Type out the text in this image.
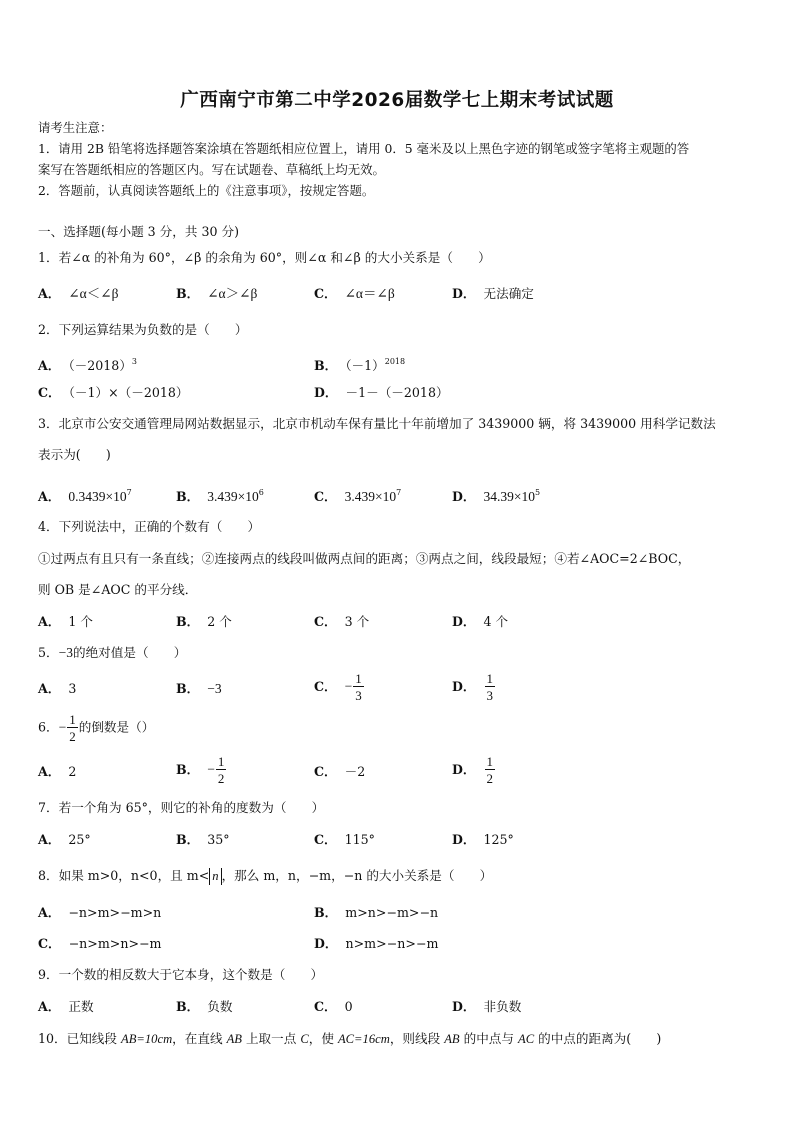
广西南宁市第二中学2026届数学七上期末考试试题
请考生注意：
1．请用 2B 铅笔将选择题答案涂填在答题纸相应位置上，请用 0．5 毫米及以上黑色字迹的钢笔或签字笔将主观题的答
案写在答题纸相应的答题区内。写在试题卷、草稿纸上均无效。
2．答题前，认真阅读答题纸上的《注意事项》，按规定答题。
一、选择题(每小题 3 分，共 30 分)
1．若∠α 的补角为 60°，∠β 的余角为 60°，则∠α 和∠β 的大小关系是（　　）
A． ∠α＜∠β	B． ∠α＞∠β	C． ∠α＝∠β	D． 无法确定
2．下列运算结果为负数的是（　　）
A． $(-2018)^3$	B． $(-1)^{2018}$
C． （－1）×（－2018）	D． －1－（－2018）
3．北京市公安交通管理局网站数据显示，北京市机动车保有量比十年前增加了 3439000 辆，将 3439000 用科学记数法
表示为(　　)
A． $0.3439\times 10^7$	B． $3.439\times 10^6$	C． $3.439\times 10^7$	D． $34.39\times 10^5$
4．下列说法中，正确的个数有（　　）
①过两点有且只有一条直线；②连接两点的线段叫做两点间的距离；③两点之间，线段最短；④若∠AOC=2∠BOC，
则 OB 是∠AOC 的平分线．
A． 1 个	B． 2 个	C． 3 个	D． 4 个
5．−3的绝对值是（　　）
A． 3	B． −3	C． − $\frac{1}{3}$	D． $\frac{1}{3}$
6．− $\frac{1}{2}$ 的倒数是（）
A． 2	B． − $\frac{1}{2}$	C． －2	D． $\frac{1}{2}$
7．若一个角为 65°，则它的补角的度数为（　　）
A． 25°	B． 35°	C． 115°	D． 125°
8．如果 m>0，n<0，且 m< n ，那么 m，n，−m，−n 的大小关系是（　　）
A． −n>m>−m>n	B． m>n>−m>−n
C． −n>m>n>−m	D． n>m>−n>−m
9．一个数的相反数大于它本身，这个数是（　　）
A． 正数	B． 负数	C． 0	D． 非负数
10．已知线段 AB=10cm，在直线 AB 上取一点 C，使 AC=16cm，则线段 AB 的中点与 AC 的中点的距离为(　　)
